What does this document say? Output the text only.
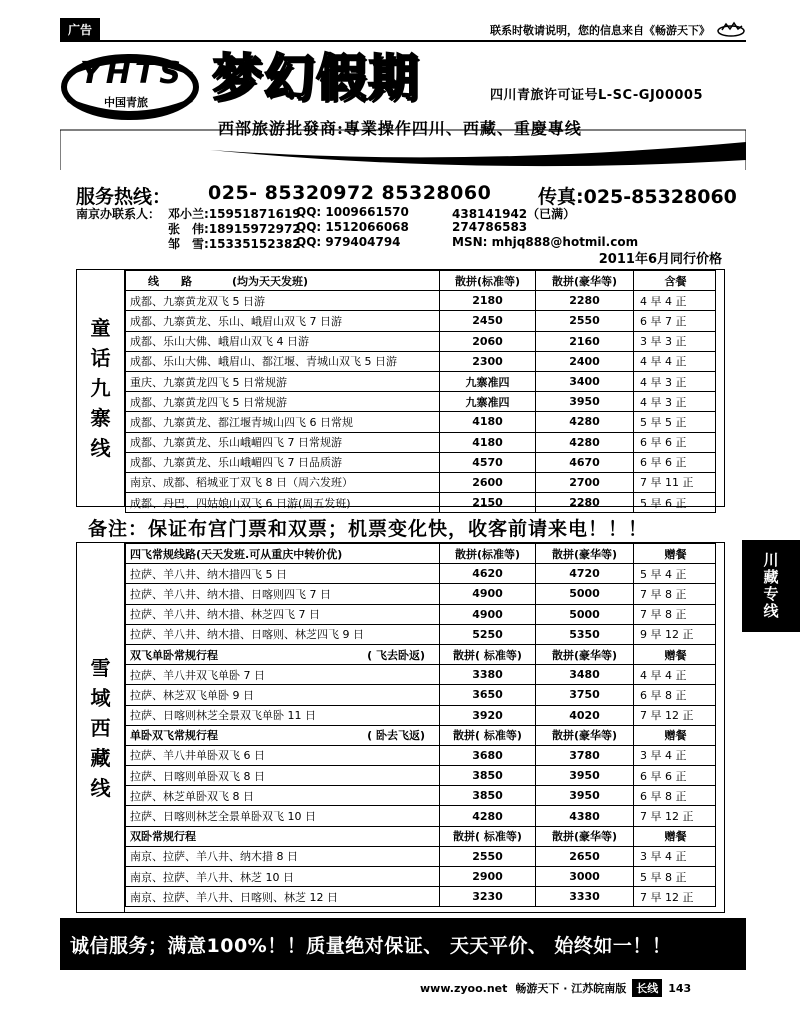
广告	联系时敬请说明，您的信息来自《畅游天下》
YHTS
中国青旅 梦幻假期	四川青旅许可证号L-SC-GJ00005
西部旅游批發商:專業操作四川、西藏、重慶專线
服务热线： 025- 85320972 85328060 传真:025-85328060
南京办联系人： 邓小兰:15951871619
QQ: 1009661570	438141942（已满）
张　伟:18915972972
QQ: 1512066068	274786583
邹　雪:15335152382
QQ: 979404794	MSN: mhjq888@hotmil.com
2011年6月同行价格
童
话
九
寨
线
线　　路 (均为天天发班)	散拼(标准等)	散拼(豪华等)	含餐
成都、九寨黄龙双飞 5 日游	2180	2280	4 早 4 正
成都、九寨黄龙、乐山、峨眉山双飞 7 日游	2450	2550	6 早 7 正
成都、乐山大佛、峨眉山双飞 4 日游	2060	2160	3 早 3 正
成都、乐山大佛、峨眉山、都江堰、青城山双飞 5 日游	2300	2400	4 早 4 正
重庆、九寨黄龙四飞 5 日常规游	九寨准四	3400	4 早 3 正
成都、九寨黄龙四飞 5 日常规游	九寨准四	3950	4 早 3 正
成都、九寨黄龙、都江堰青城山四飞 6 日常规	4180	4280	5 早 5 正
成都、九寨黄龙、乐山峨嵋四飞 7 日常规游	4180	4280	6 早 6 正
成都、九寨黄龙、乐山峨嵋四飞 7 日品质游	4570	4670	6 早 6 正
南京、成都、稻城亚丁双飞 8 日（周六发班）	2600	2700	7 早 11 正
成都、丹巴、四姑娘山双飞 6 日游(周五发班)	2150	2280	5 早 6 正
备注：保证布宫门票和双票；机票变化快，收客前请来电！！！
雪
域
西
藏
线
四飞常规线路(天天发班.可从重庆中转价优)	散拼(标准等)	散拼(豪华等)	赠餐
拉萨、羊八井、纳木措四飞 5 日	4620	4720	5 早 4 正
拉萨、羊八井、纳木措、日喀则四飞 7 日	4900	5000	7 早 8 正
拉萨、羊八井、纳木措、林芝四飞 7 日	4900	5000	7 早 8 正
拉萨、羊八井、纳木措、日喀则、林芝四飞 9 日	5250	5350	9 早 12 正
双飞单卧常规行程 ( 飞去卧返)	散拼( 标准等)	散拼(豪华等)	赠餐
拉萨、羊八井双飞单卧 7 日	3380	3480	4 早 4 正
拉萨、林芝双飞单卧 9 日	3650	3750	6 早 8 正
拉萨、日喀则林芝全景双飞单卧 11 日	3920	4020	7 早 12 正
单卧双飞常规行程 ( 卧去飞返)	散拼( 标准等)	散拼(豪华等)	赠餐
拉萨、羊八井单卧双飞 6 日	3680	3780	3 早 4 正
拉萨、日喀则单卧双飞 8 日	3850	3950	6 早 6 正
拉萨、林芝单卧双飞 8 日	3850	3950	6 早 8 正
拉萨、日喀则林芝全景单卧双飞 10 日	4280	4380	7 早 12 正
双卧常规行程	散拼( 标准等)	散拼(豪华等)	赠餐
南京、拉萨、羊八井、纳木措 8 日	2550	2650	3 早 4 正
南京、拉萨、羊八井、林芝 10 日	2900	3000	5 早 8 正
南京、拉萨、羊八井、日喀则、林芝 12 日	3230	3330	7 早 12 正
川藏专线
诚信服务；满意100%！！质量绝对保证、 天天平价、 始终如一！！
www.zyoo.net 畅游天下 · 江苏皖南版 长线 143
